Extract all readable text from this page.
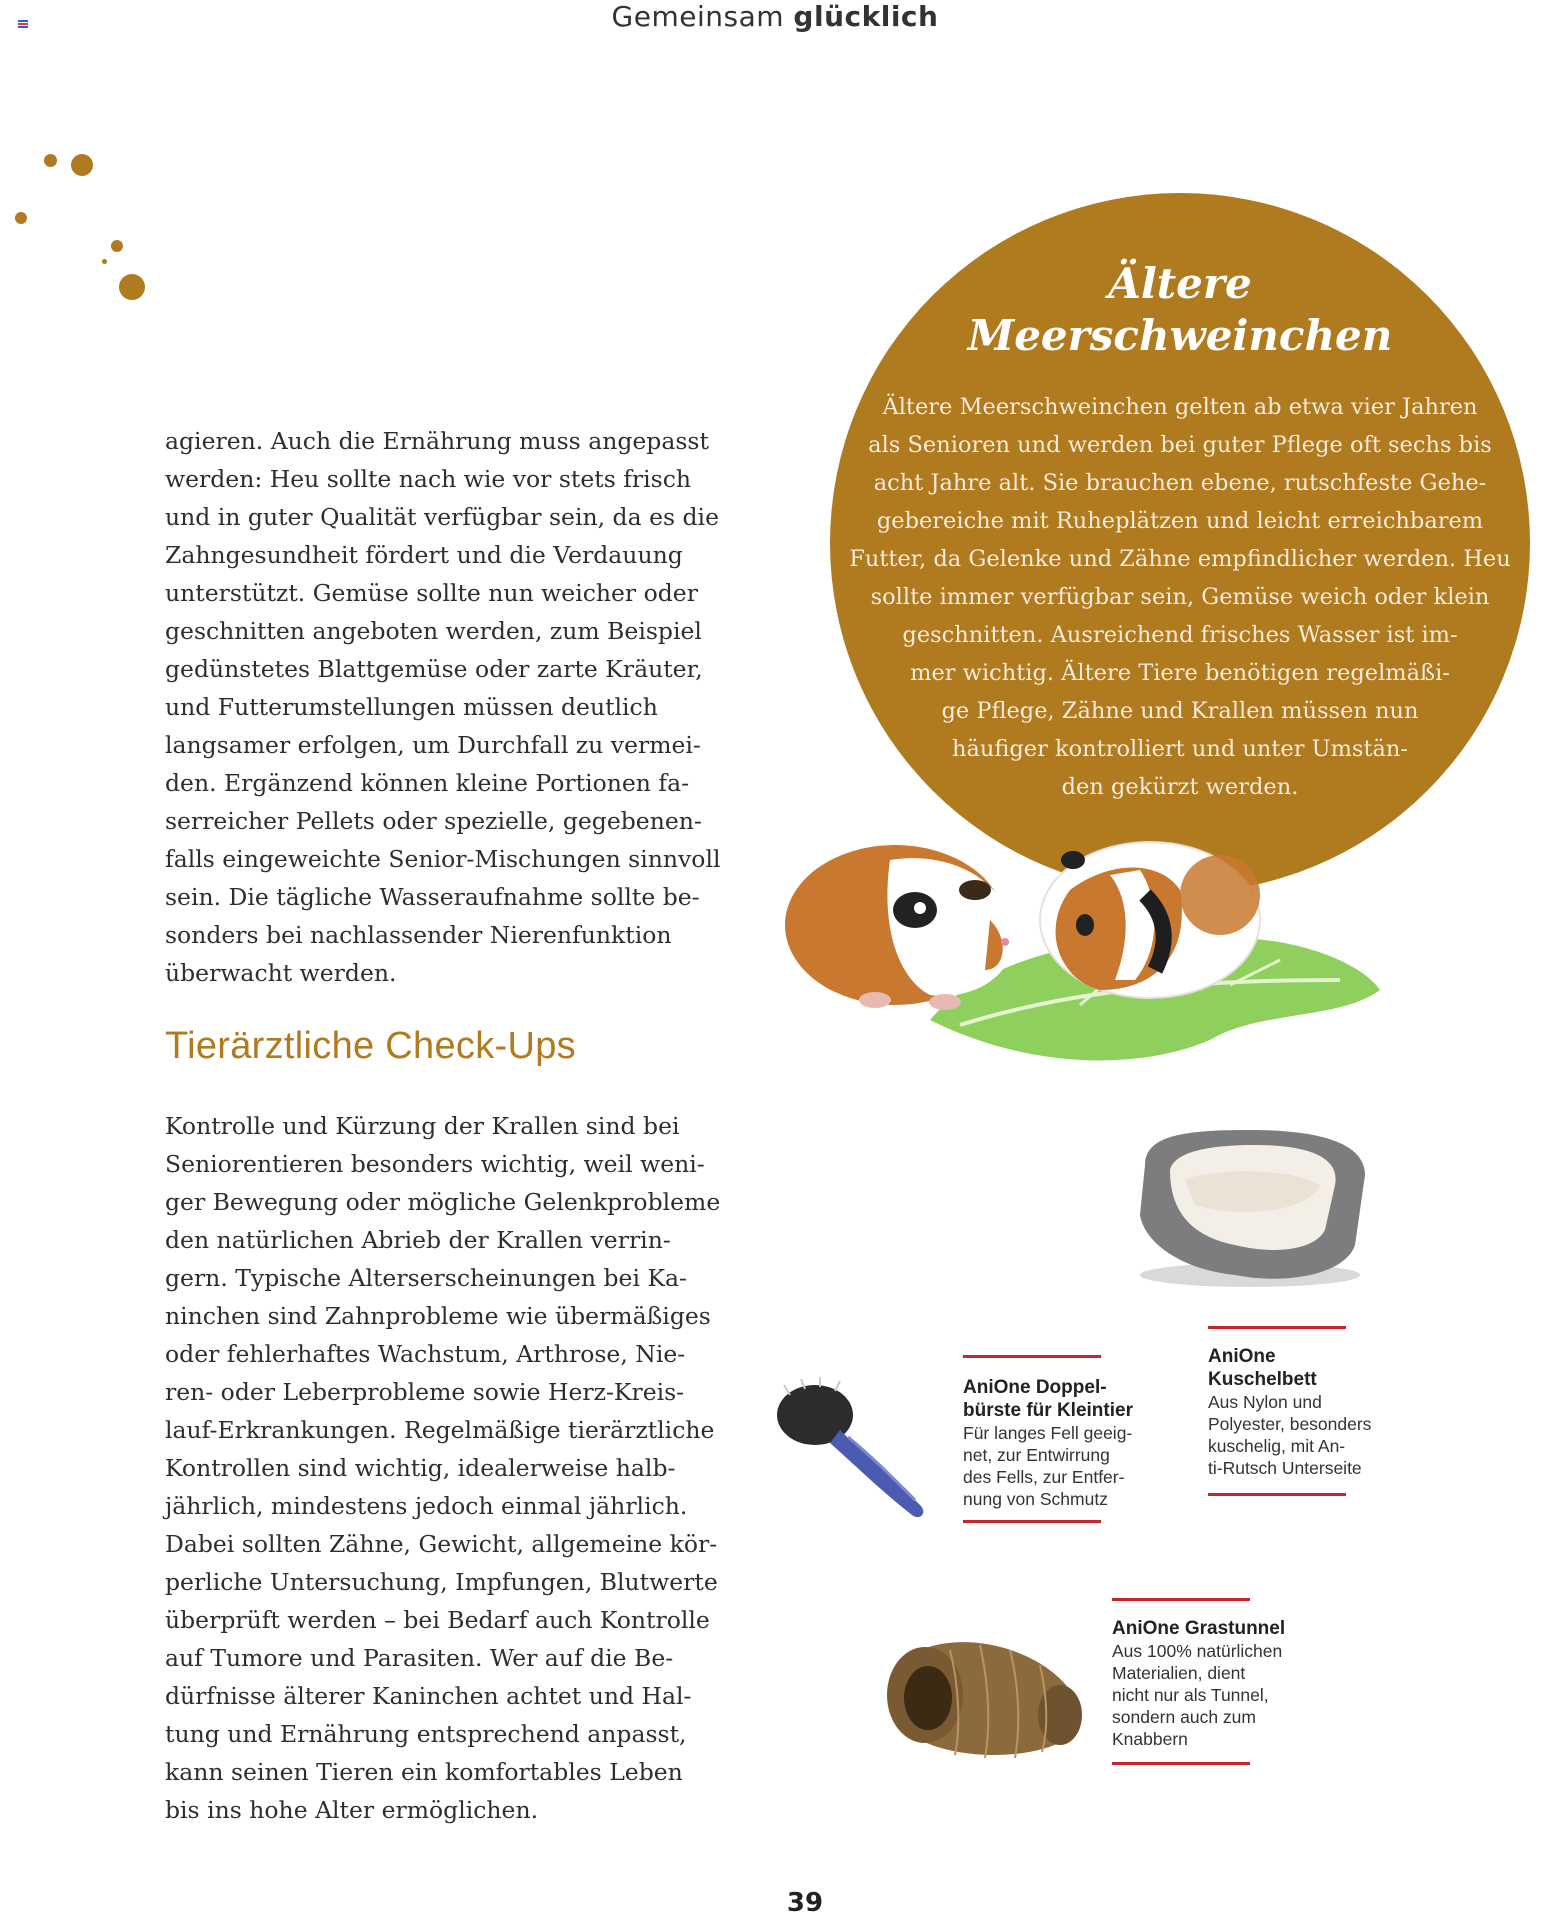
Gemeinsam glücklich
agieren. Auch die Ernährung muss angepasst
werden: Heu sollte nach wie vor stets frisch
und in guter Qualität verfügbar sein, da es die
Zahngesundheit fördert und die Verdauung
unterstützt. Gemüse sollte nun weicher oder
geschnitten angeboten werden, zum Beispiel
gedünstetes Blattgemüse oder zarte Kräuter,
und Futterumstellungen müssen deutlich
langsamer erfolgen, um Durchfall zu vermei-
den. Ergänzend können kleine Portionen fa-
serreicher Pellets oder spezielle, gegebenen-
falls eingeweichte Senior-Mischungen sinnvoll
sein. Die tägliche Wasseraufnahme sollte be-
sonders bei nachlassender Nierenfunktion
überwacht werden.
Tierärztliche Check-Ups
Kontrolle und Kürzung der Krallen sind bei
Seniorentieren besonders wichtig, weil weni-
ger Bewegung oder mögliche Gelenkprobleme
den natürlichen Abrieb der Krallen verrin-
gern. Typische Alterserscheinungen bei Ka-
ninchen sind Zahnprobleme wie übermäßiges
oder fehlerhaftes Wachstum, Arthrose, Nie-
ren- oder Leberprobleme sowie Herz-Kreis-
lauf-Erkrankungen. Regelmäßige tierärztliche
Kontrollen sind wichtig, idealerweise halb-
jährlich, mindestens jedoch einmal jährlich.
Dabei sollten Zähne, Gewicht, allgemeine kör-
perliche Untersuchung, Impfungen, Blutwerte
überprüft werden – bei Bedarf auch Kontrolle
auf Tumore und Parasiten. Wer auf die Be-
dürfnisse älterer Kaninchen achtet und Hal-
tung und Ernährung entsprechend anpasst,
kann seinen Tieren ein komfortables Leben
bis ins hohe Alter ermöglichen.
Ältere
Meerschweinchen
Ältere Meerschweinchen gelten ab etwa vier Jahren
als Senioren und werden bei guter Pflege oft sechs bis
acht Jahre alt. Sie brauchen ebene, rutschfeste Gehe-
gebereiche mit Ruheplätzen und leicht erreichbarem
Futter, da Gelenke und Zähne empfindlicher werden. Heu
sollte immer verfügbar sein, Gemüse weich oder klein
geschnitten. Ausreichend frisches Wasser ist im-
mer wichtig. Ältere Tiere benötigen regelmäßi-
ge Pflege, Zähne und Krallen müssen nun
häufiger kontrolliert und unter Umstän-
den gekürzt werden.
AniOne Doppel-
bürste für Kleintier
Für langes Fell geeig-
net, zur Entwirrung
des Fells, zur Entfer-
nung von Schmutz
AniOne
Kuschelbett
Aus Nylon und
Polyester, besonders
kuschelig, mit An-
ti-Rutsch Unterseite
AniOne Grastunnel
Aus 100% natürlichen
Materialien, dient
nicht nur als Tunnel,
sondern auch zum
Knabbern
39
